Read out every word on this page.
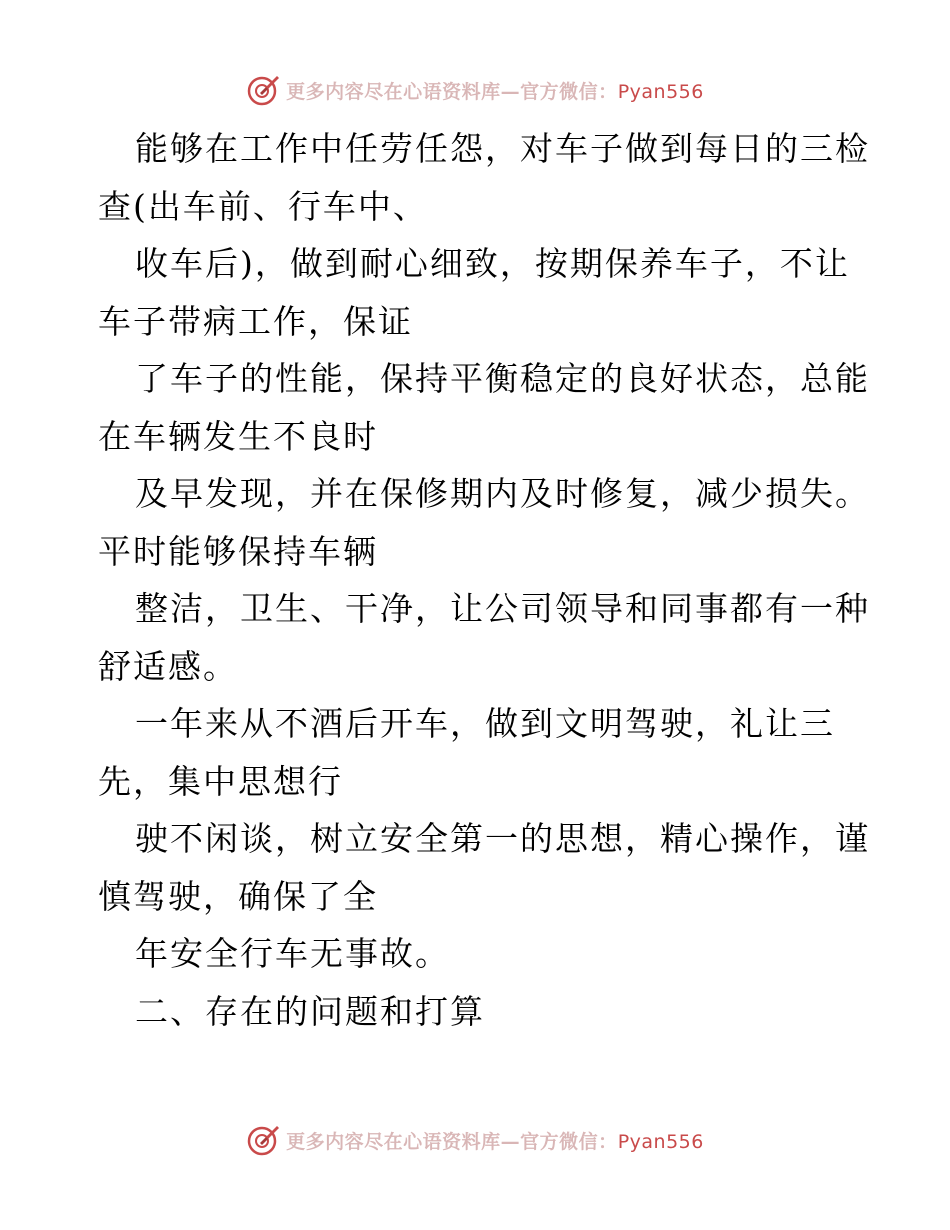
更多内容尽在心语资料库—官方微信：Pyan556
能够在工作中任劳任怨，对车子做到每日的三检
查(出车前、行车中、
收车后)，做到耐心细致，按期保养车子，不让
车子带病工作，保证
了车子的性能，保持平衡稳定的良好状态，总能
在车辆发生不良时
及早发现，并在保修期内及时修复，减少损失。
平时能够保持车辆
整洁，卫生、干净，让公司领导和同事都有一种
舒适感。
一年来从不酒后开车，做到文明驾驶，礼让三
先，集中思想行
驶不闲谈，树立安全第一的思想，精心操作，谨
慎驾驶，确保了全
年安全行车无事故。
二、存在的问题和打算
更多内容尽在心语资料库—官方微信：Pyan556
